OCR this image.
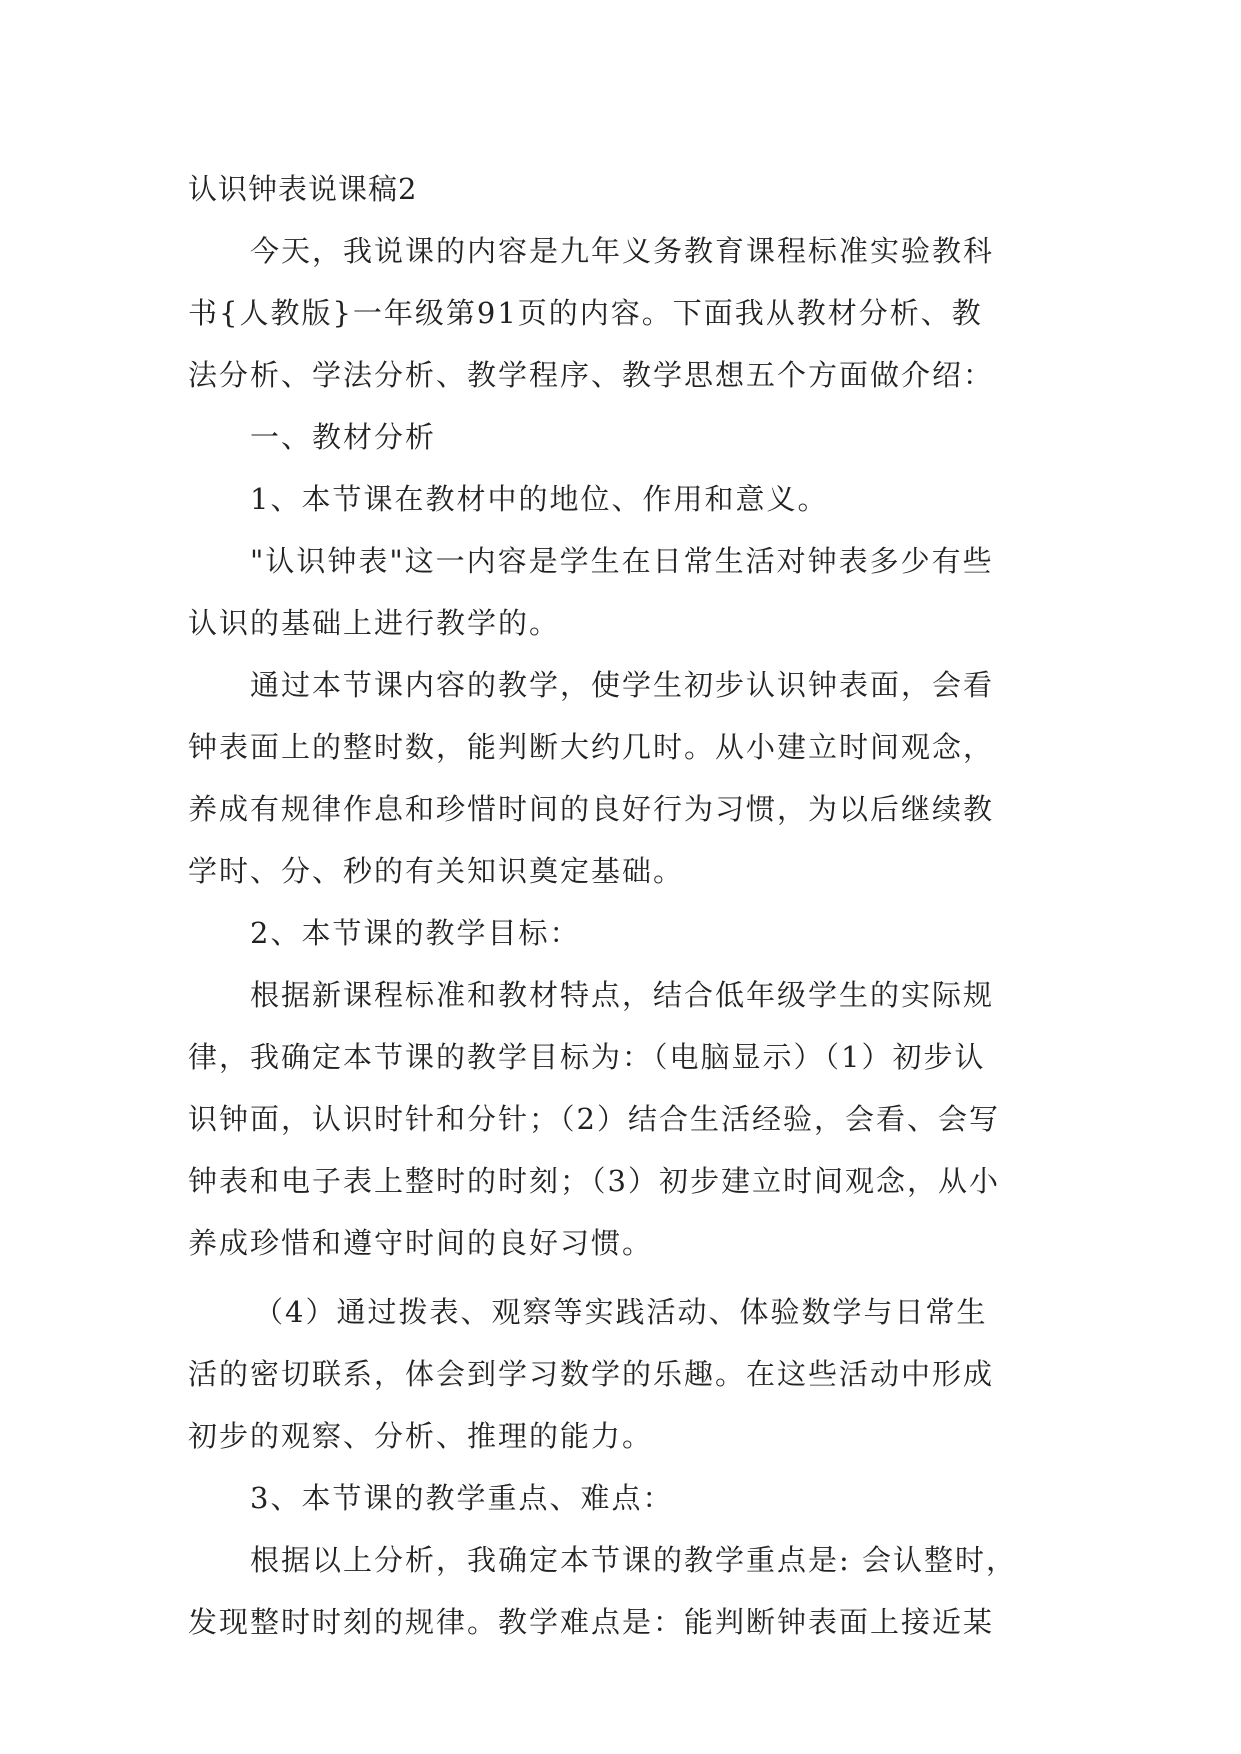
认识钟表说课稿2
今天，我说课的内容是九年义务教育课程标准实验教科
书{人教版}一年级第91页的内容。下面我从教材分析、教
法分析、学法分析、教学程序、教学思想五个方面做介绍：
一、教材分析
1、本节课在教材中的地位、作用和意义。
"认识钟表"这一内容是学生在日常生活对钟表多少有些
认识的基础上进行教学的。
通过本节课内容的教学，使学生初步认识钟表面，会看
钟表面上的整时数，能判断大约几时。从小建立时间观念，
养成有规律作息和珍惜时间的良好行为习惯，为以后继续教
学时、分、秒的有关知识奠定基础。
2、本节课的教学目标：
根据新课程标准和教材特点，结合低年级学生的实际规
律，我确定本节课的教学目标为：（电脑显示）（1）初步认
识钟面，认识时针和分针；（2）结合生活经验，会看、会写
钟表和电子表上整时的时刻；（3）初步建立时间观念，从小
养成珍惜和遵守时间的良好习惯。
（4）通过拨表、观察等实践活动、体验数学与日常生
活的密切联系，体会到学习数学的乐趣。在这些活动中形成
初步的观察、分析、推理的能力。
3、本节课的教学重点、难点：
根据以上分析，我确定本节课的教学重点是: 会认整时，
发现整时时刻的规律。教学难点是：能判断钟表面上接近某
